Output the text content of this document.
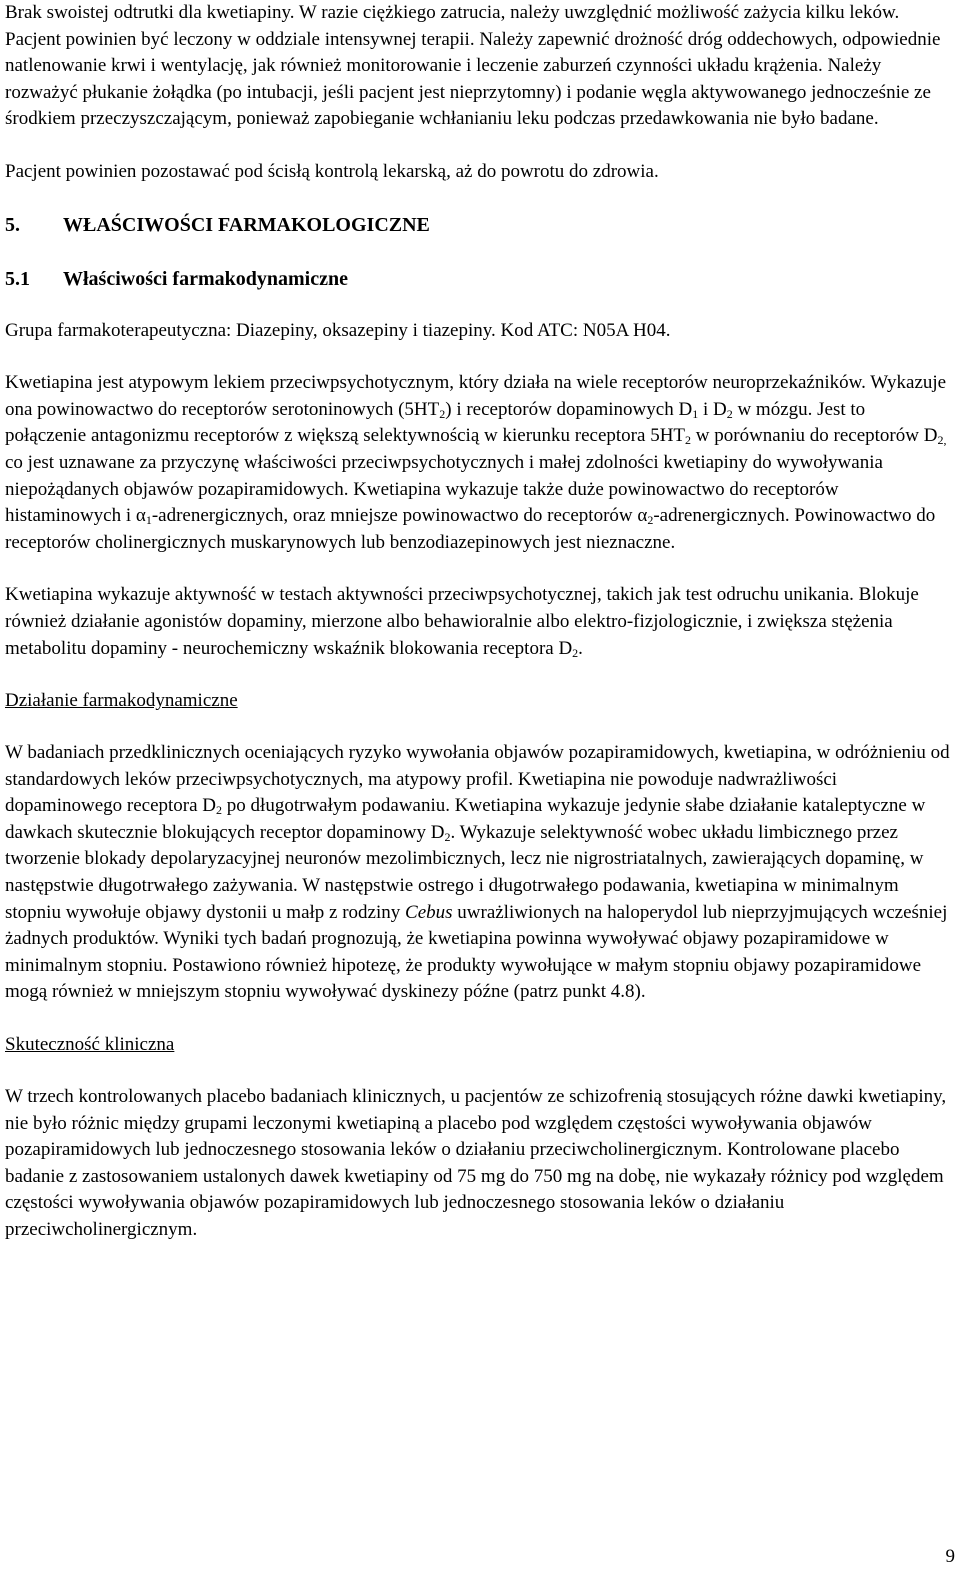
Brak swoistej odtrutki dla kwetiapiny. W razie ciężkiego zatrucia, należy uwzględnić możliwość zażycia kilku leków. Pacjent powinien być leczony w oddziale intensywnej terapii. Należy zapewnić drożność dróg oddechowych, odpowiednie natlenowanie krwi i wentylację, jak również monitorowanie i leczenie zaburzeń czynności układu krążenia. Należy rozważyć płukanie żołądka (po intubacji, jeśli pacjent jest nieprzytomny) i podanie węgla aktywowanego jednocześnie ze środkiem przeczyszczającym, ponieważ zapobieganie wchłanianiu leku podczas przedawkowania nie było badane.

Pacjent powinien pozostawać pod ścisłą kontrolą lekarską, aż do powrotu do zdrowia.

5. WŁAŚCIWOŚCI FARMAKOLOGICZNE

5.1 Właściwości farmakodynamiczne

Grupa farmakoterapeutyczna: Diazepiny, oksazepiny i tiazepiny. Kod ATC: N05A H04.

Kwetiapina jest atypowym lekiem przeciwpsychotycznym, który działa na wiele receptorów neuroprzekaźników. Wykazuje ona powinowactwo do receptorów serotoninowych $(5HT_2)$ i receptorów dopaminowych $D_1$ i $D_2$ w mózgu. Jest to połączenie antagonizmu receptorów z większą selektywnością w kierunku receptora $5HT_2$ w porównaniu do receptorów $D_{2,}$ co jest uznawane za przyczynę właściwości przeciwpsychotycznych i małej zdolności kwetiapiny do wywoływania niepożądanych objawów pozapiramidowych. Kwetiapina wykazuje także duże powinowactwo do receptorów histaminowych i $\alpha_1$-adrenergicznych, oraz mniejsze powinowactwo do receptorów $\alpha_2$-adrenergicznych. Powinowactwo do receptorów cholinergicznych muskarynowych lub benzodiazepinowych jest nieznaczne.

Kwetiapina wykazuje aktywność w testach aktywności przeciwpsychotycznej, takich jak test odruchu unikania. Blokuje również działanie agonistów dopaminy, mierzone albo behawioralnie albo elektro-fizjologicznie, i zwiększa stężenia metabolitu dopaminy - neurochemiczny wskaźnik blokowania receptora $D_2$.

Działanie farmakodynamiczne

W badaniach przedklinicznych oceniających ryzyko wywołania objawów pozapiramidowych, kwetiapina, w odróżnieniu od standardowych leków przeciwpsychotycznych, ma atypowy profil. Kwetiapina nie powoduje nadwrażliwości dopaminowego receptora $D_2$ po długotrwałym podawaniu. Kwetiapina wykazuje jedynie słabe działanie kataleptyczne w dawkach skutecznie blokujących receptor dopaminowy $D_2$. Wykazuje selektywność wobec układu limbicznego przez tworzenie blokady depolaryzacyjnej neuronów mezolimbicznych, lecz nie nigrostriatalnych, zawierających dopaminę, w następstwie długotrwałego zażywania. W następstwie ostrego i długotrwałego podawania, kwetiapina w minimalnym stopniu wywołuje objawy dystonii u małp z rodziny Cebus uwrażliwionych na haloperydol lub nieprzyjmujących wcześniej żadnych produktów. Wyniki tych badań prognozują, że kwetiapina powinna wywoływać objawy pozapiramidowe w minimalnym stopniu. Postawiono również hipotezę, że produkty wywołujące w małym stopniu objawy pozapiramidowe mogą również w mniejszym stopniu wywoływać dyskinezy późne (patrz punkt 4.8).

Skuteczność kliniczna

W trzech kontrolowanych placebo badaniach klinicznych, u pacjentów ze schizofrenią stosujących różne dawki kwetiapiny, nie było różnic między grupami leczonymi kwetiapiną a placebo pod względem częstości wywoływania objawów pozapiramidowych lub jednoczesnego stosowania leków o działaniu przeciwcholinergicznym. Kontrolowane placebo badanie z zastosowaniem ustalonych dawek kwetiapiny od 75 mg do 750 mg na dobę, nie wykazały różnicy pod względem częstości wywoływania objawów pozapiramidowych lub jednoczesnego stosowania leków o działaniu przeciwcholinergicznym.

9
